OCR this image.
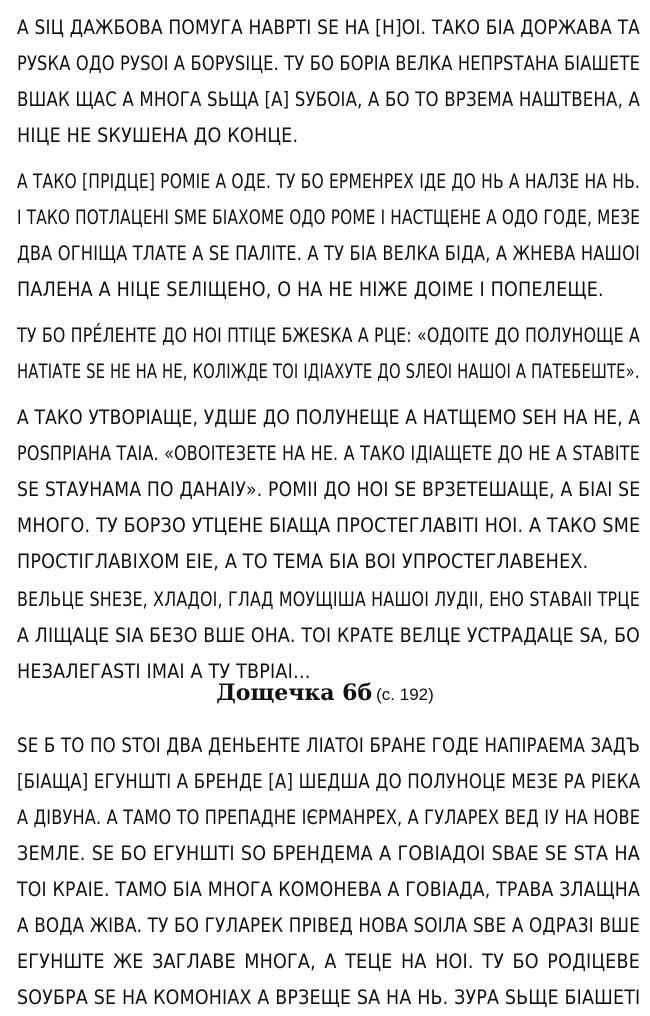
А ЅІЦ ДАЖБОВА ПОМУГА НАВРТІ ЅЕ НА [Н]ОІ. ТАКО БІА ДОРЖАВА ТА
РУЅКА ОДО РУЅОІ А БОРУЅІЦЕ. ТУ БО БОРІА ВЕЛКА НЕПРЅТАНА БІАШЕТЕ
ВШАК ЩАС А МНОГА ЅЬЩА [А] ЅУБОІА, А БО ТО ВРЗЕМА НАШТВЕНА, А
НІЦЕ НЕ ЅКУШЕНА ДО КОНЦЕ.
А ТАКО [ПРІДЦЕ] РОМІЕ А ОДЕ. ТУ БО ЕРМЕНРЕХ ІДЕ ДО НЬ А НАЛЗЕ НА НЬ.
І ТАКО ПОТЛАЦЕНІ ЅМЕ БІАХОМЕ ОДО РОМЕ І НАСТЩЕНЕ А ОДО ГОДЕ, МЕЗЕ
ДВА ОГНІЩА ТЛАТЕ А ЅЕ ПАЛІТЕ. А ТУ БІА ВЕЛКА БІДА, А ЖНЕВА НАШОІ
ПАЛЕНА А НІЦЕ ЅЕЛІЩЕНО, О НА НЕ НІЖЕ ДОІМЕ І ПОПЕЛЕЩЕ.
ТУ БО ПРЕ́ЛЕНТЕ ДО НОІ ПТІЦЕ БЖЕЅКА А РЦЕ: «ОДОІТЕ ДО ПОЛУНОЩЕ А
НАТІАТЕ ЅЕ НЕ НА НЕ, КОЛІЖДЕ ТОІ ІДІАХУТЕ ДО ЅЛЕОІ НАШОІ А ПАТЕБЕШТЕ».
А ТАКО УТВОРІАЩЕ, УДШЕ ДО ПОЛУНЕЩЕ А НАТЩЕМО ЅЕН НА НЕ, А
РОЅПРІАНА ТАІА. «ОВОІТЕЗЕТЕ НА НЕ. А ТАКО ІДІАЩЕТЕ ДО НЕ А ЅТАВІТЕ
ЅЕ ЅТАУНАМА ПО ДАНАІУ». РОМІІ ДО НОІ ЅЕ ВРЗЕТЕШАЩЕ, А БІАІ ЅЕ
МНОГО. ТУ БОРЗО УТЦЕНЕ БІАЩА ПРОСТЕГЛАВІТІ НОІ. А ТАКО ЅМЕ
ПРОСТІГЛАВІХОМ ЕІЕ, А ТО ТЕМА БІА ВОІ УПРОСТЕГЛАВЕНЕХ.
ВЕЛЬЦЕ ЅНЕЗЕ, ХЛАДОІ, ГЛАД МОУЩІША НАШОІ ЛУДІІ, ЕНО ЅТАВАІІ ТРЦЕ
А ЛІЩАЦЕ ЅІА БЕЗО ВШЕ ОНА. ТОІ КРАТЕ ВЕЛЦЕ УСТРАДАЦЕ ЅА, БО
НЕЗАЛЕГАЅТІ ІМАІ А ТУ ТВРІАІ…
Дощечка 6б (с. 192)
ЅЕ Б ТО ПО ЅТОІ ДВА ДЕНЬЕНТЕ ЛIАТОІ БРАНЕ ГОДЕ НАПІРАЕМА ЗАДЪ
[БІАЩА] ЕГУНШТІ А БРЕНДЕ [А] ШЕДША ДО ПОЛУНОЦЕ МЕЗЕ РА РІЕКА
А ДІВУНА. А ТАМО ТО ПРЕПАДНЕ ІЄРМАНРЕХ, А ГУЛАРЕХ ВЕД ІУ НА НОВЕ
ЗЕМЛЕ. ЅЕ БО ЕГУНШТІ ЅО БРЕНДЕМА А ГОВІАДОІ ЅВАЕ ЅЕ ЅТА НА
ТОІ КРАІЕ. ТАМО БІА МНОГА КОМОНЕВА А ГОВІАДА, ТРАВА ЗЛАЩНА
А ВОДА ЖІВА. ТУ БО ГУЛАРЕК ПРІВЕД НОВА ЅОІЛА ЅВЕ А ОДРАЗІ ВШЕ
ЕГУНШТЕ ЖЕ ЗАГЛАВЕ МНОГА, А ТЕЦЕ НА НОІ. ТУ БО РОДІЦЕВЕ
ЅОУБРА ЅЕ НА КОМОНІАХ А ВРЗЕЩЕ ЅА НА НЬ. ЗУРА ЅЬЩЕ БІАШЕТІ
